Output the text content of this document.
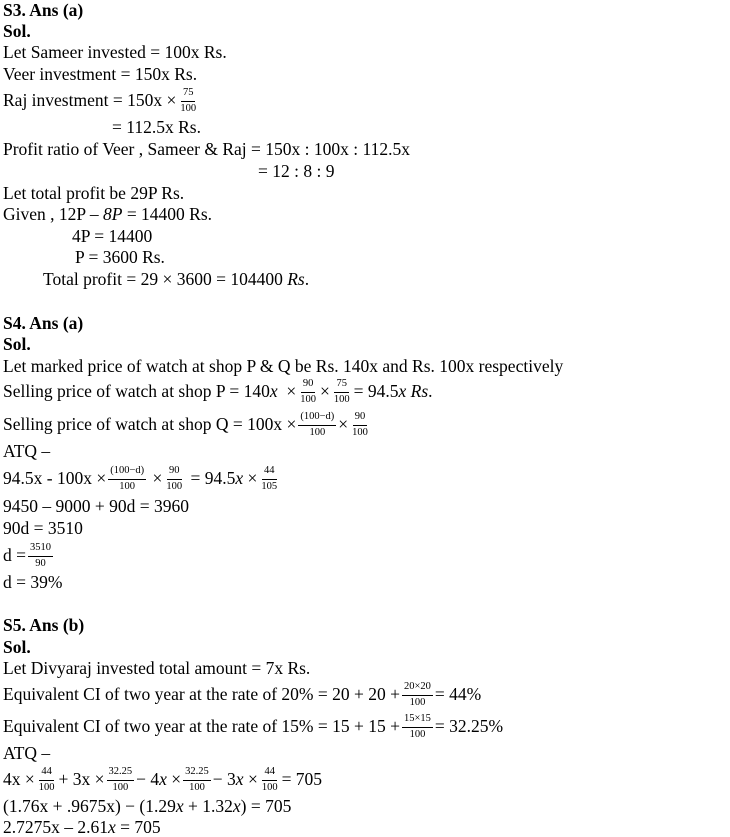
S3. Ans (a)
Sol.
Let Sameer invested = 100x Rs.
Veer investment = 150x Rs.
Raj investment = $150x \times \frac{75}{100}$
= 112.5x Rs.
Profit ratio of Veer , Sameer & Raj = 150x : 100x : 112.5x
= 12 : 8 : 9
Let total profit be 29P Rs.
Given , 12P –
8P
= 14400 Rs.
4P = 14400
P = 3600 Rs.
Total profit = 29 × 3600 = 104400
Rs .
S4. Ans (a)
Sol.
Let marked price of watch at shop P & Q be Rs. 140x and Rs. 100x respectively
Selling price of watch at shop P = 140 x
× $\frac{90}{100} \times \frac{75}{100} = 94.5$ x Rs .
Selling price of watch at shop $Q = 100x \times \frac{(100-d)}{100} \times \frac{90}{100}$
ATQ –
$94.5x - 100x \times \frac{(100-d)}{100}$
× $\frac{90}{100}$
= 94.5 x
× $\frac{44}{105}$
9450 – 9000 + 90d = 3960
90d = 3510
$d = \frac{3510}{90}$
d = 39%
S5. Ans (b)
Sol.
Let Divyaraj invested total amount = 7x Rs.
Equivalent CI of two year at the rate of $20\% = 20 + 20 + \frac{20\times 20}{100} = 44\%$
Equivalent CI of two year at the rate of $15\% = 15 + 15 + \frac{15\times 15}{100} = 32.25\%$
ATQ –
$4x \times \frac{44}{100} + 3x \times \frac{32.25}{100} - 4$ x
× $\frac{32.25}{100} - 3$ x
× $\frac{44}{100} = 705$
(1.76x + .9675x) − (1.29 x
+ 1.32 x ) = 705
2.7275x – 2.61 x
= 705
